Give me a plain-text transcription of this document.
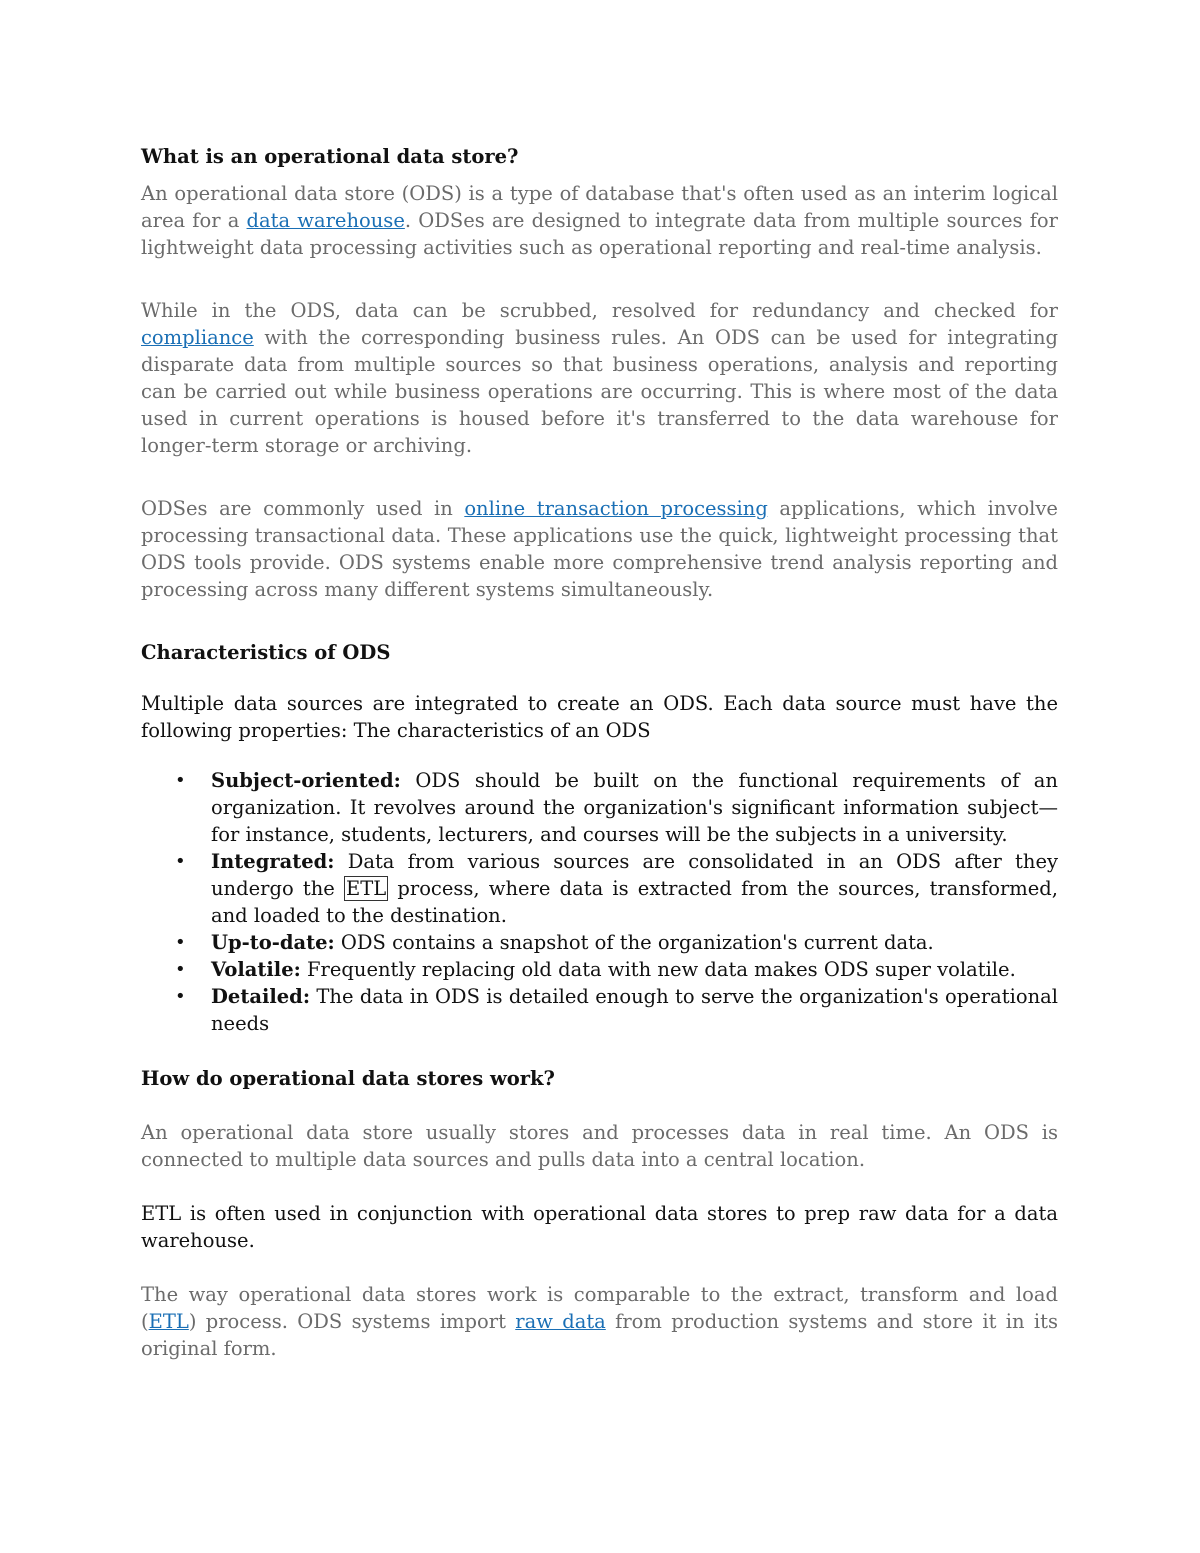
What is an operational data store?

An operational data store (ODS) is a type of database that's often used as an interim logical area for a data warehouse. ODSes are designed to integrate data from multiple sources for lightweight data processing activities such as operational reporting and real-time analysis.

While in the ODS, data can be scrubbed, resolved for redundancy and checked for compliance with the corresponding business rules. An ODS can be used for integrating disparate data from multiple sources so that business operations, analysis and reporting can be carried out while business operations are occurring. This is where most of the data used in current operations is housed before it's transferred to the data warehouse for longer-term storage or archiving.

ODSes are commonly used in online transaction processing applications, which involve processing transactional data. These applications use the quick, lightweight processing that ODS tools provide. ODS systems enable more comprehensive trend analysis reporting and processing across many different systems simultaneously.

Characteristics of ODS

Multiple data sources are integrated to create an ODS. Each data source must have the following properties: The characteristics of an ODS

• Subject-oriented: ODS should be built on the functional requirements of an organization. It revolves around the organization's significant information subject—for instance, students, lecturers, and courses will be the subjects in a university.
• Integrated: Data from various sources are consolidated in an ODS after they undergo the ETL process, where data is extracted from the sources, transformed, and loaded to the destination.
• Up-to-date: ODS contains a snapshot of the organization's current data.
• Volatile: Frequently replacing old data with new data makes ODS super volatile.
• Detailed: The data in ODS is detailed enough to serve the organization's operational needs
How do operational data stores work?

An operational data store usually stores and processes data in real time. An ODS is connected to multiple data sources and pulls data into a central location.

ETL is often used in conjunction with operational data stores to prep raw data for a data warehouse.

The way operational data stores work is comparable to the extract, transform and load (ETL) process. ODS systems import raw data from production systems and store it in its original form.
